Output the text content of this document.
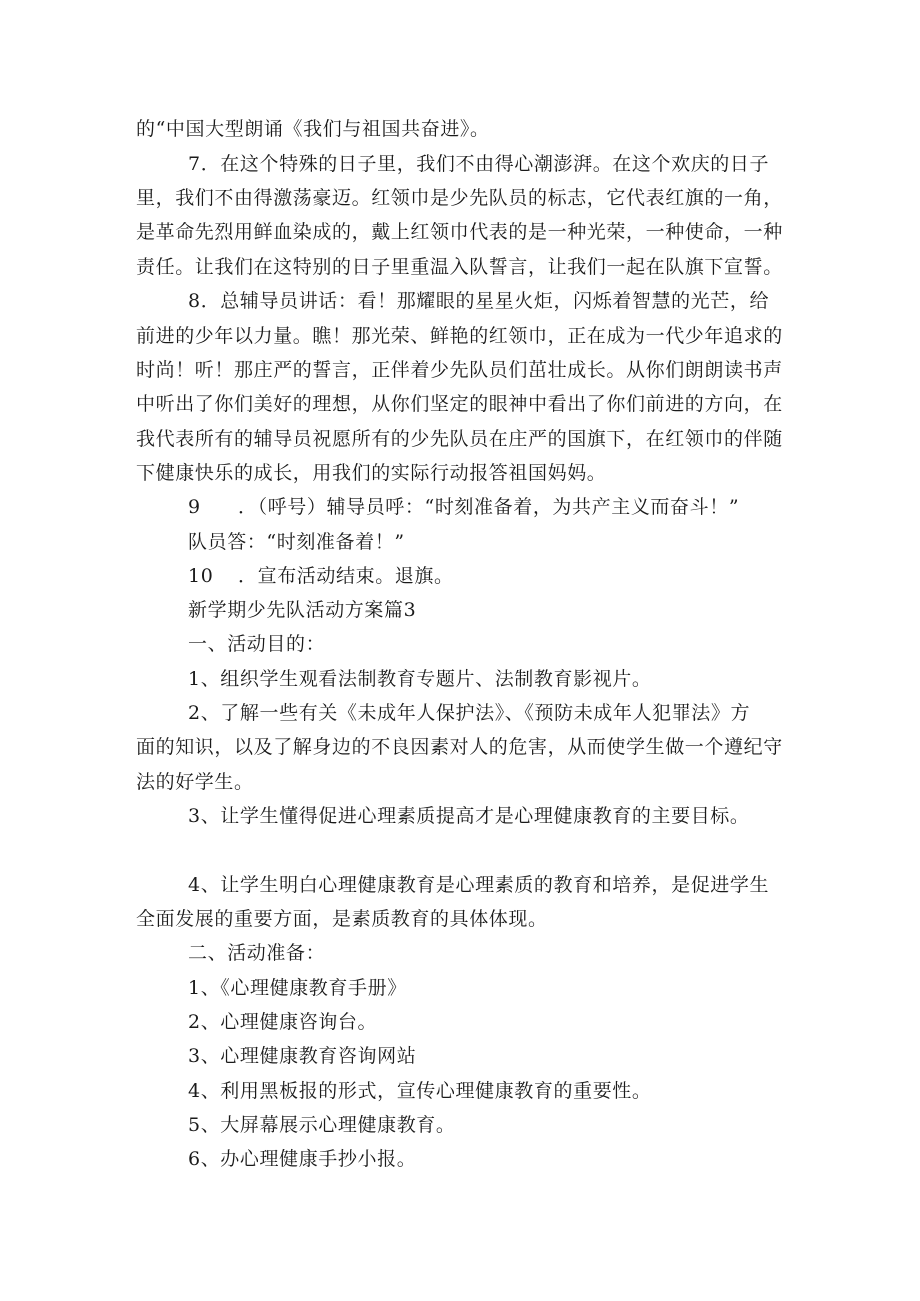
的“中国大型朗诵《我们与祖国共奋进》。
7．在这个特殊的日子里，我们不由得心潮澎湃。在这个欢庆的日子
里，我们不由得激荡豪迈。红领巾是少先队员的标志，它代表红旗的一角，
是革命先烈用鲜血染成的，戴上红领巾代表的是一种光荣，一种使命，一种
责任。让我们在这特别的日子里重温入队誓言，让我们一起在队旗下宣誓。
8．总辅导员讲话：看！那耀眼的星星火炬，闪烁着智慧的光芒，给
前进的少年以力量。瞧！那光荣、鲜艳的红领巾，正在成为一代少年追求的
时尚！听！那庄严的誓言，正伴着少先队员们茁壮成长。从你们朗朗读书声
中听出了你们美好的理想，从你们坚定的眼神中看出了你们前进的方向，在
我代表所有的辅导员祝愿所有的少先队员在庄严的国旗下，在红领巾的伴随
下健康快乐的成长，用我们的实际行动报答祖国妈妈。
9 ．（呼号）辅导员呼：“时刻准备着，为共产主义而奋斗！”
队员答：“时刻准备着！”
10 ．宣布活动结束。退旗。
新学期少先队活动方案篇3
一、活动目的：
1、组织学生观看法制教育专题片、法制教育影视片。
2、了解一些有关《未成年人保护法》、《预防未成年人犯罪法》方
面的知识，以及了解身边的不良因素对人的危害，从而使学生做一个遵纪守
法的好学生。
3、让学生懂得促进心理素质提高才是心理健康教育的主要目标。
4、让学生明白心理健康教育是心理素质的教育和培养，是促进学生
全面发展的重要方面，是素质教育的具体体现。
二、活动准备：
1、《心理健康教育手册》
2、心理健康咨询台。
3、心理健康教育咨询网站
4、利用黑板报的形式，宣传心理健康教育的重要性。
5、大屏幕展示心理健康教育。
6、办心理健康手抄小报。
